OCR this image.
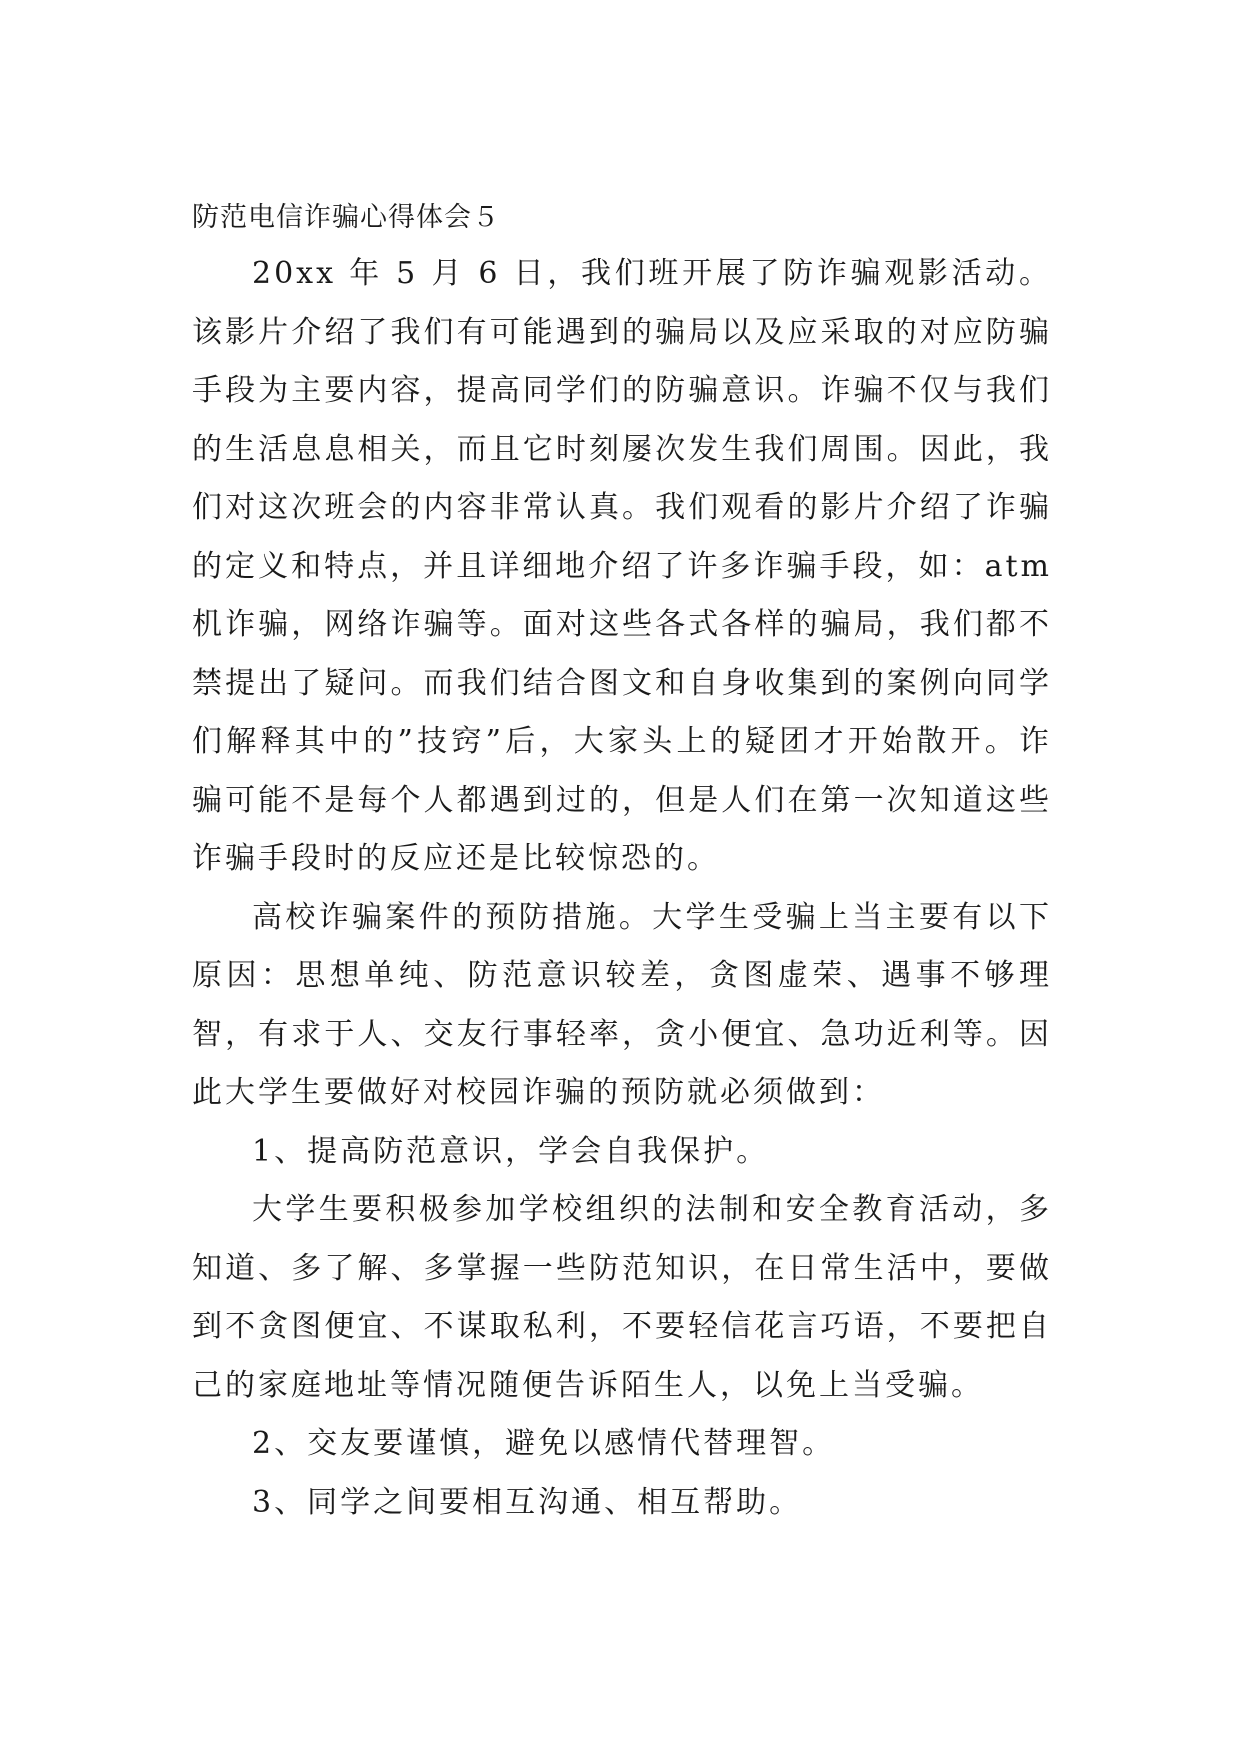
防范电信诈骗心得体会５

20xx 年 5 月 6 日，我们班开展了防诈骗观影活动。该影片介绍了我们有可能遇到的骗局以及应采取的对应防骗手段为主要内容，提高同学们的防骗意识。诈骗不仅与我们的生活息息相关，而且它时刻屡次发生我们周围。因此，我们对这次班会的内容非常认真。我们观看的影片介绍了诈骗的定义和特点，并且详细地介绍了许多诈骗手段，如：atm 机诈骗，网络诈骗等。面对这些各式各样的骗局，我们都不禁提出了疑问。而我们结合图文和自身收集到的案例向同学们解释其中的”技窍”后，大家头上的疑团才开始散开。诈骗可能不是每个人都遇到过的，但是人们在第一次知道这些诈骗手段时的反应还是比较惊恐的。

高校诈骗案件的预防措施。大学生受骗上当主要有以下原因：思想单纯、防范意识较差，贪图虚荣、遇事不够理智，有求于人、交友行事轻率，贪小便宜、急功近利等。因此大学生要做好对校园诈骗的预防就必须做到：

1、提高防范意识，学会自我保护。

大学生要积极参加学校组织的法制和安全教育活动，多知道、多了解、多掌握一些防范知识，在日常生活中，要做到不贪图便宜、不谋取私利，不要轻信花言巧语，不要把自己的家庭地址等情况随便告诉陌生人，以免上当受骗。

2、交友要谨慎，避免以感情代替理智。

3、同学之间要相互沟通、相互帮助。
